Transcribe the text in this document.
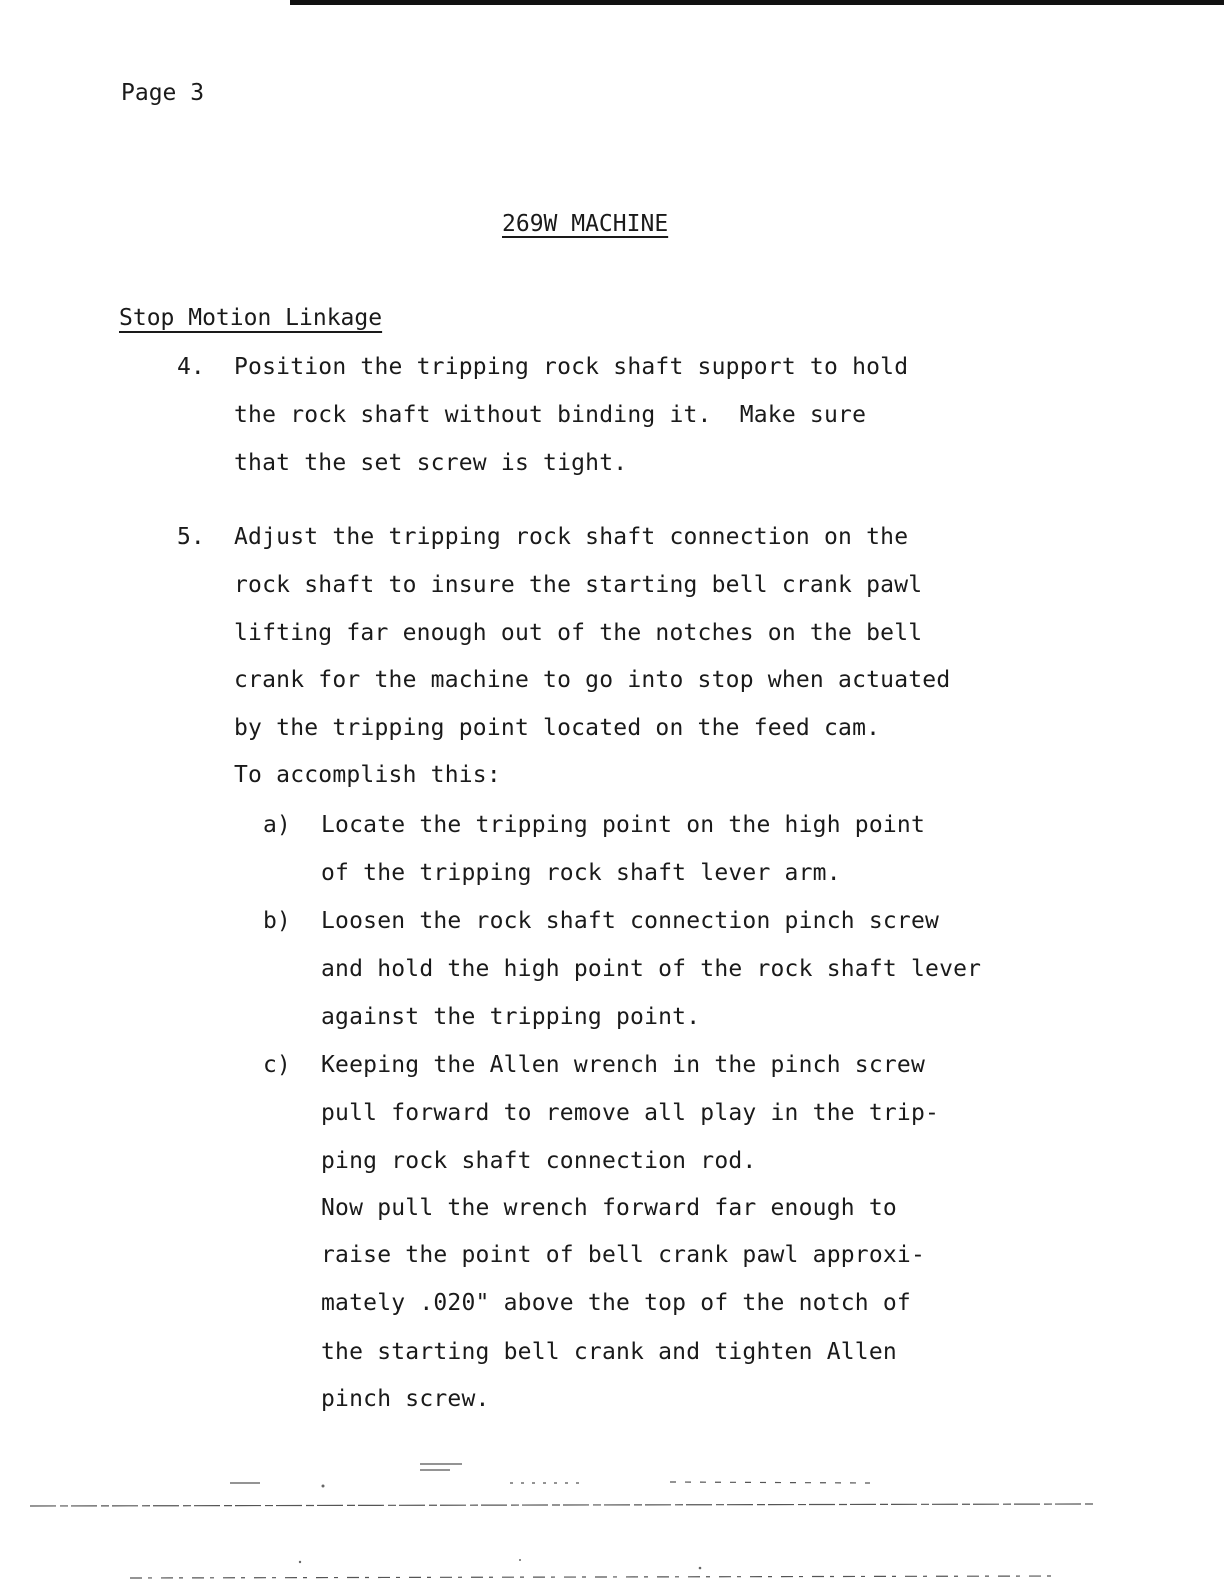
Page 3
269W MACHINE
Stop Motion Linkage
4. Position the tripping rock shaft support to hold
the rock shaft without binding it.  Make sure
that the set screw is tight.
5. Adjust the tripping rock shaft connection on the
rock shaft to insure the starting bell crank pawl
lifting far enough out of the notches on the bell
crank for the machine to go into stop when actuated
by the tripping point located on the feed cam.
To accomplish this:
a) Locate the tripping point on the high point
of the tripping rock shaft lever arm.
b) Loosen the rock shaft connection pinch screw
and hold the high point of the rock shaft lever
against the tripping point.
c) Keeping the Allen wrench in the pinch screw
pull forward to remove all play in the trip-
ping rock shaft connection rod.
Now pull the wrench forward far enough to
raise the point of bell crank pawl approxi-
mately .020" above the top of the notch of
the starting bell crank and tighten Allen
pinch screw.
